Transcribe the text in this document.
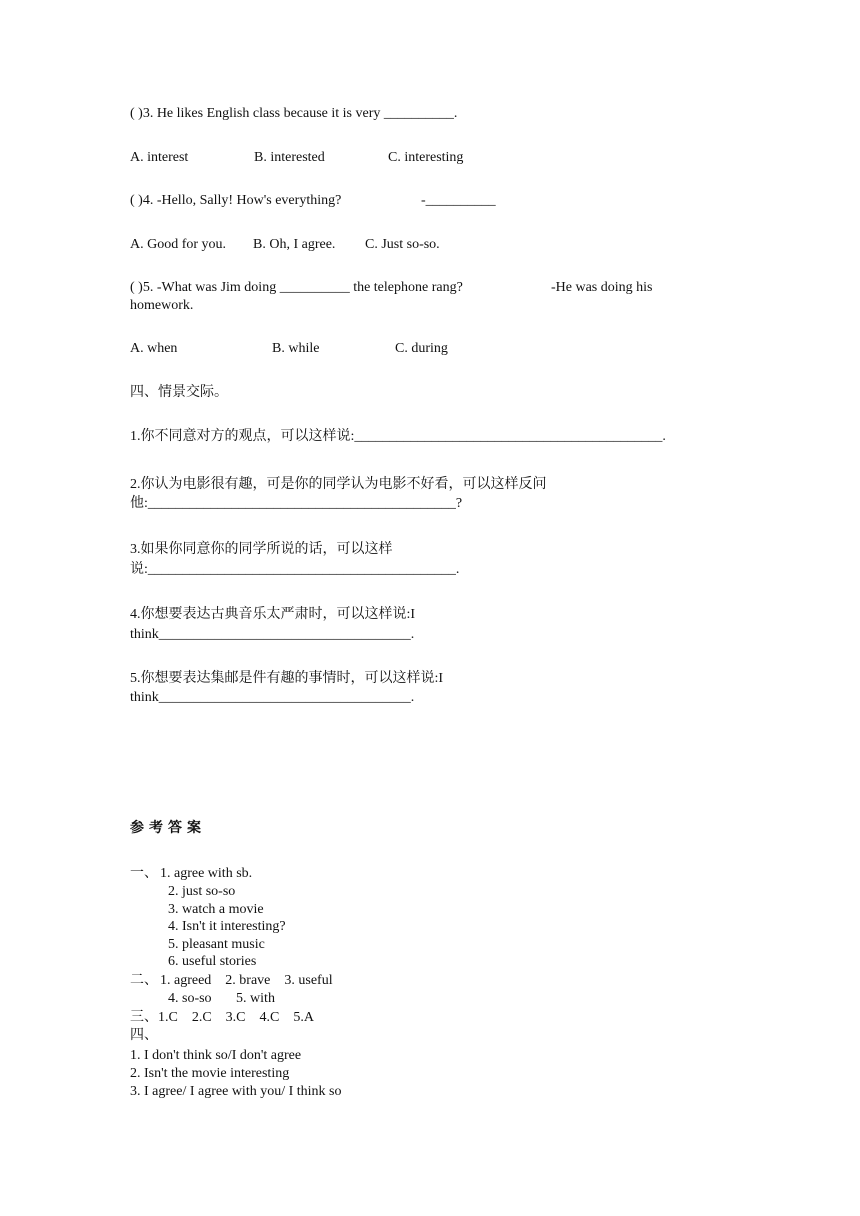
( )3. He likes English class because it is very __________.
A. interest	B. interested	C. interesting
( )4. -Hello, Sally! How's everything?	-__________
A. Good for you. B. Oh, I agree. C. Just so-so.
( )5. -What was Jim doing __________ the telephone rang?	-He was doing his
homework.
A. when	B. while	C. during
四、情景交际。
1.你不同意对方的观点，可以这样说:____________________________________________.
2.你认为电影很有趣，可是你的同学认为电影不好看，可以这样反问
他:____________________________________________?
3.如果你同意你的同学所说的话，可以这样
说:____________________________________________.
4.你想要表达古典音乐太严肃时，可以这样说:I
think____________________________________.
5.你想要表达集邮是件有趣的事情时，可以这样说:I
think____________________________________.
参考答案
一、 1. agree with sb.
2. just so-so
3. watch a movie
4. Isn't it interesting?
5. pleasant music
6. useful stories
二、 1. agreed    2. brave    3. useful
4. so-so       5. with
三、1.C    2.C    3.C    4.C    5.A
四、
1. I don't think so/I don't agree
2. Isn't the movie interesting
3. I agree/ I agree with you/ I think so
